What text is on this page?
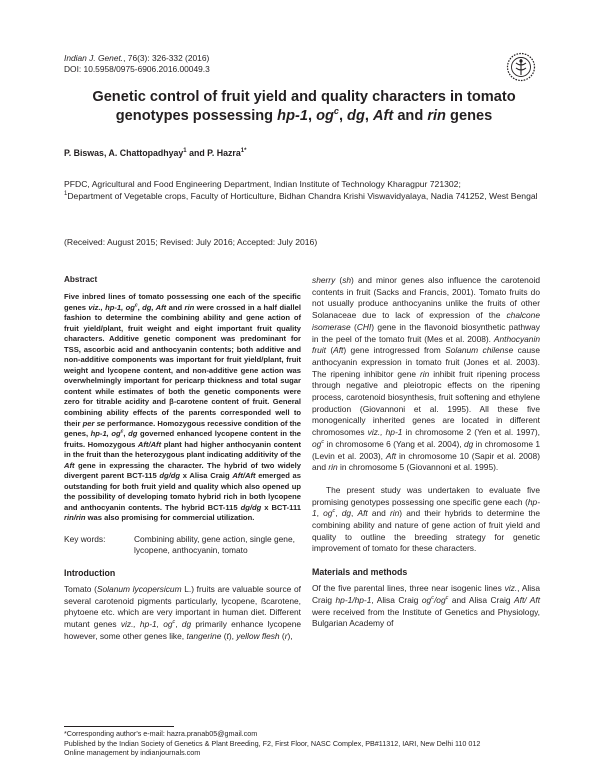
Indian J. Genet., 76(3): 326-332 (2016)
DOI: 10.5958/0975-6906.2016.00049.3
Genetic control of fruit yield and quality characters in tomato genotypes possessing hp-1, $og^c$, dg, Aft and rin genes
P. Biswas, A. Chattopadhyay$^1$ and P. Hazra$^{1*}$
PFDC, Agricultural and Food Engineering Department, Indian Institute of Technology Kharagpur 721302;
$^1$Department of Vegetable crops, Faculty of Horticulture, Bidhan Chandra Krishi Viswavidyalaya, Nadia 741252, West Bengal
(Received: August 2015; Revised: July 2016; Accepted: July 2016)
Abstract
Five inbred lines of tomato possessing one each of the specific genes viz., hp-1, $og^c$, dg, Aft and rin were crossed in a half diallel fashion to determine the combining ability and gene action of fruit yield/plant, fruit weight and eight important fruit quality characters. Additive genetic component was predominant for TSS, ascorbic acid and anthocyanin contents; both additive and non-additive components was important for fruit yield/plant, fruit weight and lycopene content, and non-additive gene action was overwhelmingly important for pericarp thickness and total sugar content while estimates of both the genetic components were zero for titrable acidity and β-carotene content of fruit. General combining ability effects of the parents corresponded well to their per se performance. Homozygous recessive condition of the genes, hp-1, $og^c$, dg governed enhanced lycopene content in the fruits. Homozygous Aft/Aft plant had higher anthocyanin content in the fruit than the heterozygous plant indicating additivity of the Aft gene in expressing the character. The hybrid of two widely divergent parent BCT-115 dg/dg x Alisa Craig Aft/Aft emerged as outstanding for both fruit yield and quality which also opened up the possibility of developing tomato hybrid rich in both lycopene and anthocyanin contents. The hybrid BCT-115 dg/dg x BCT-111 rin/rin was also promising for commercial utilization.
Key words:	Combining ability, gene action, single gene, lycopene, anthocyanin, tomato
Introduction
Tomato (Solanum lycopersicum L.) fruits are valuable source of several carotenoid pigments particularly, lycopene, ßcarotene, phytoene etc. which are very important in human diet. Different mutant genes viz., hp-1, $og^c$, dg primarily enhance lycopene however, some other genes like, tangerine (t), yellow flesh (r),
sherry (sh) and minor genes also influence the carotenoid contents in fruit (Sacks and Francis, 2001). Tomato fruits do not usually produce anthocyanins unlike the fruits of other Solanaceae due to lack of expression of the chalcone isomerase (CHI) gene in the flavonoid biosynthetic pathway in the peel of the tomato fruit (Mes et al. 2008). Anthocyanin fruit (Aft) gene introgressed from Solanum chilense cause anthocyanin expression in tomato fruit (Jones et al. 2003). The ripening inhibitor gene rin inhibit fruit ripening process through negative and pleiotropic effects on the ripening process, carotenoid biosynthesis, fruit softening and ethylene production (Giovannoni et al. 1995). All these five monogenically inherited genes are located in different chromosomes viz., hp-1 in chromosome 2 (Yen et al. 1997), $og^c$ in chromosome 6 (Yang et al. 2004), dg in chromosome 1 (Levin et al. 2003), Aft in chromosome 10 (Sapir et al. 2008) and rin in chromosome 5 (Giovannoni et al. 1995).
The present study was undertaken to evaluate five promising genotypes possessing one specific gene each (hp-1, $og^c$, dg, Aft and rin) and their hybrids to determine the combining ability and nature of gene action of fruit yield and quality to outline the breeding strategy for genetic improvement of tomato for these characters.
Materials and methods
Of the five parental lines, three near isogenic lines viz., Alisa Craig hp-1/hp-1, Alisa Craig $og^c/og^c$ and Alisa Craig Aft/ Aft were received from the Institute of Genetics and Physiology, Bulgarian Academy of
*Corresponding author's e-mail: hazra.pranab05@gmail.com
Published by the Indian Society of Genetics & Plant Breeding, F2, First Floor, NASC Complex, PB#11312, IARI, New Delhi 110 012
Online management by indianjournals.com
